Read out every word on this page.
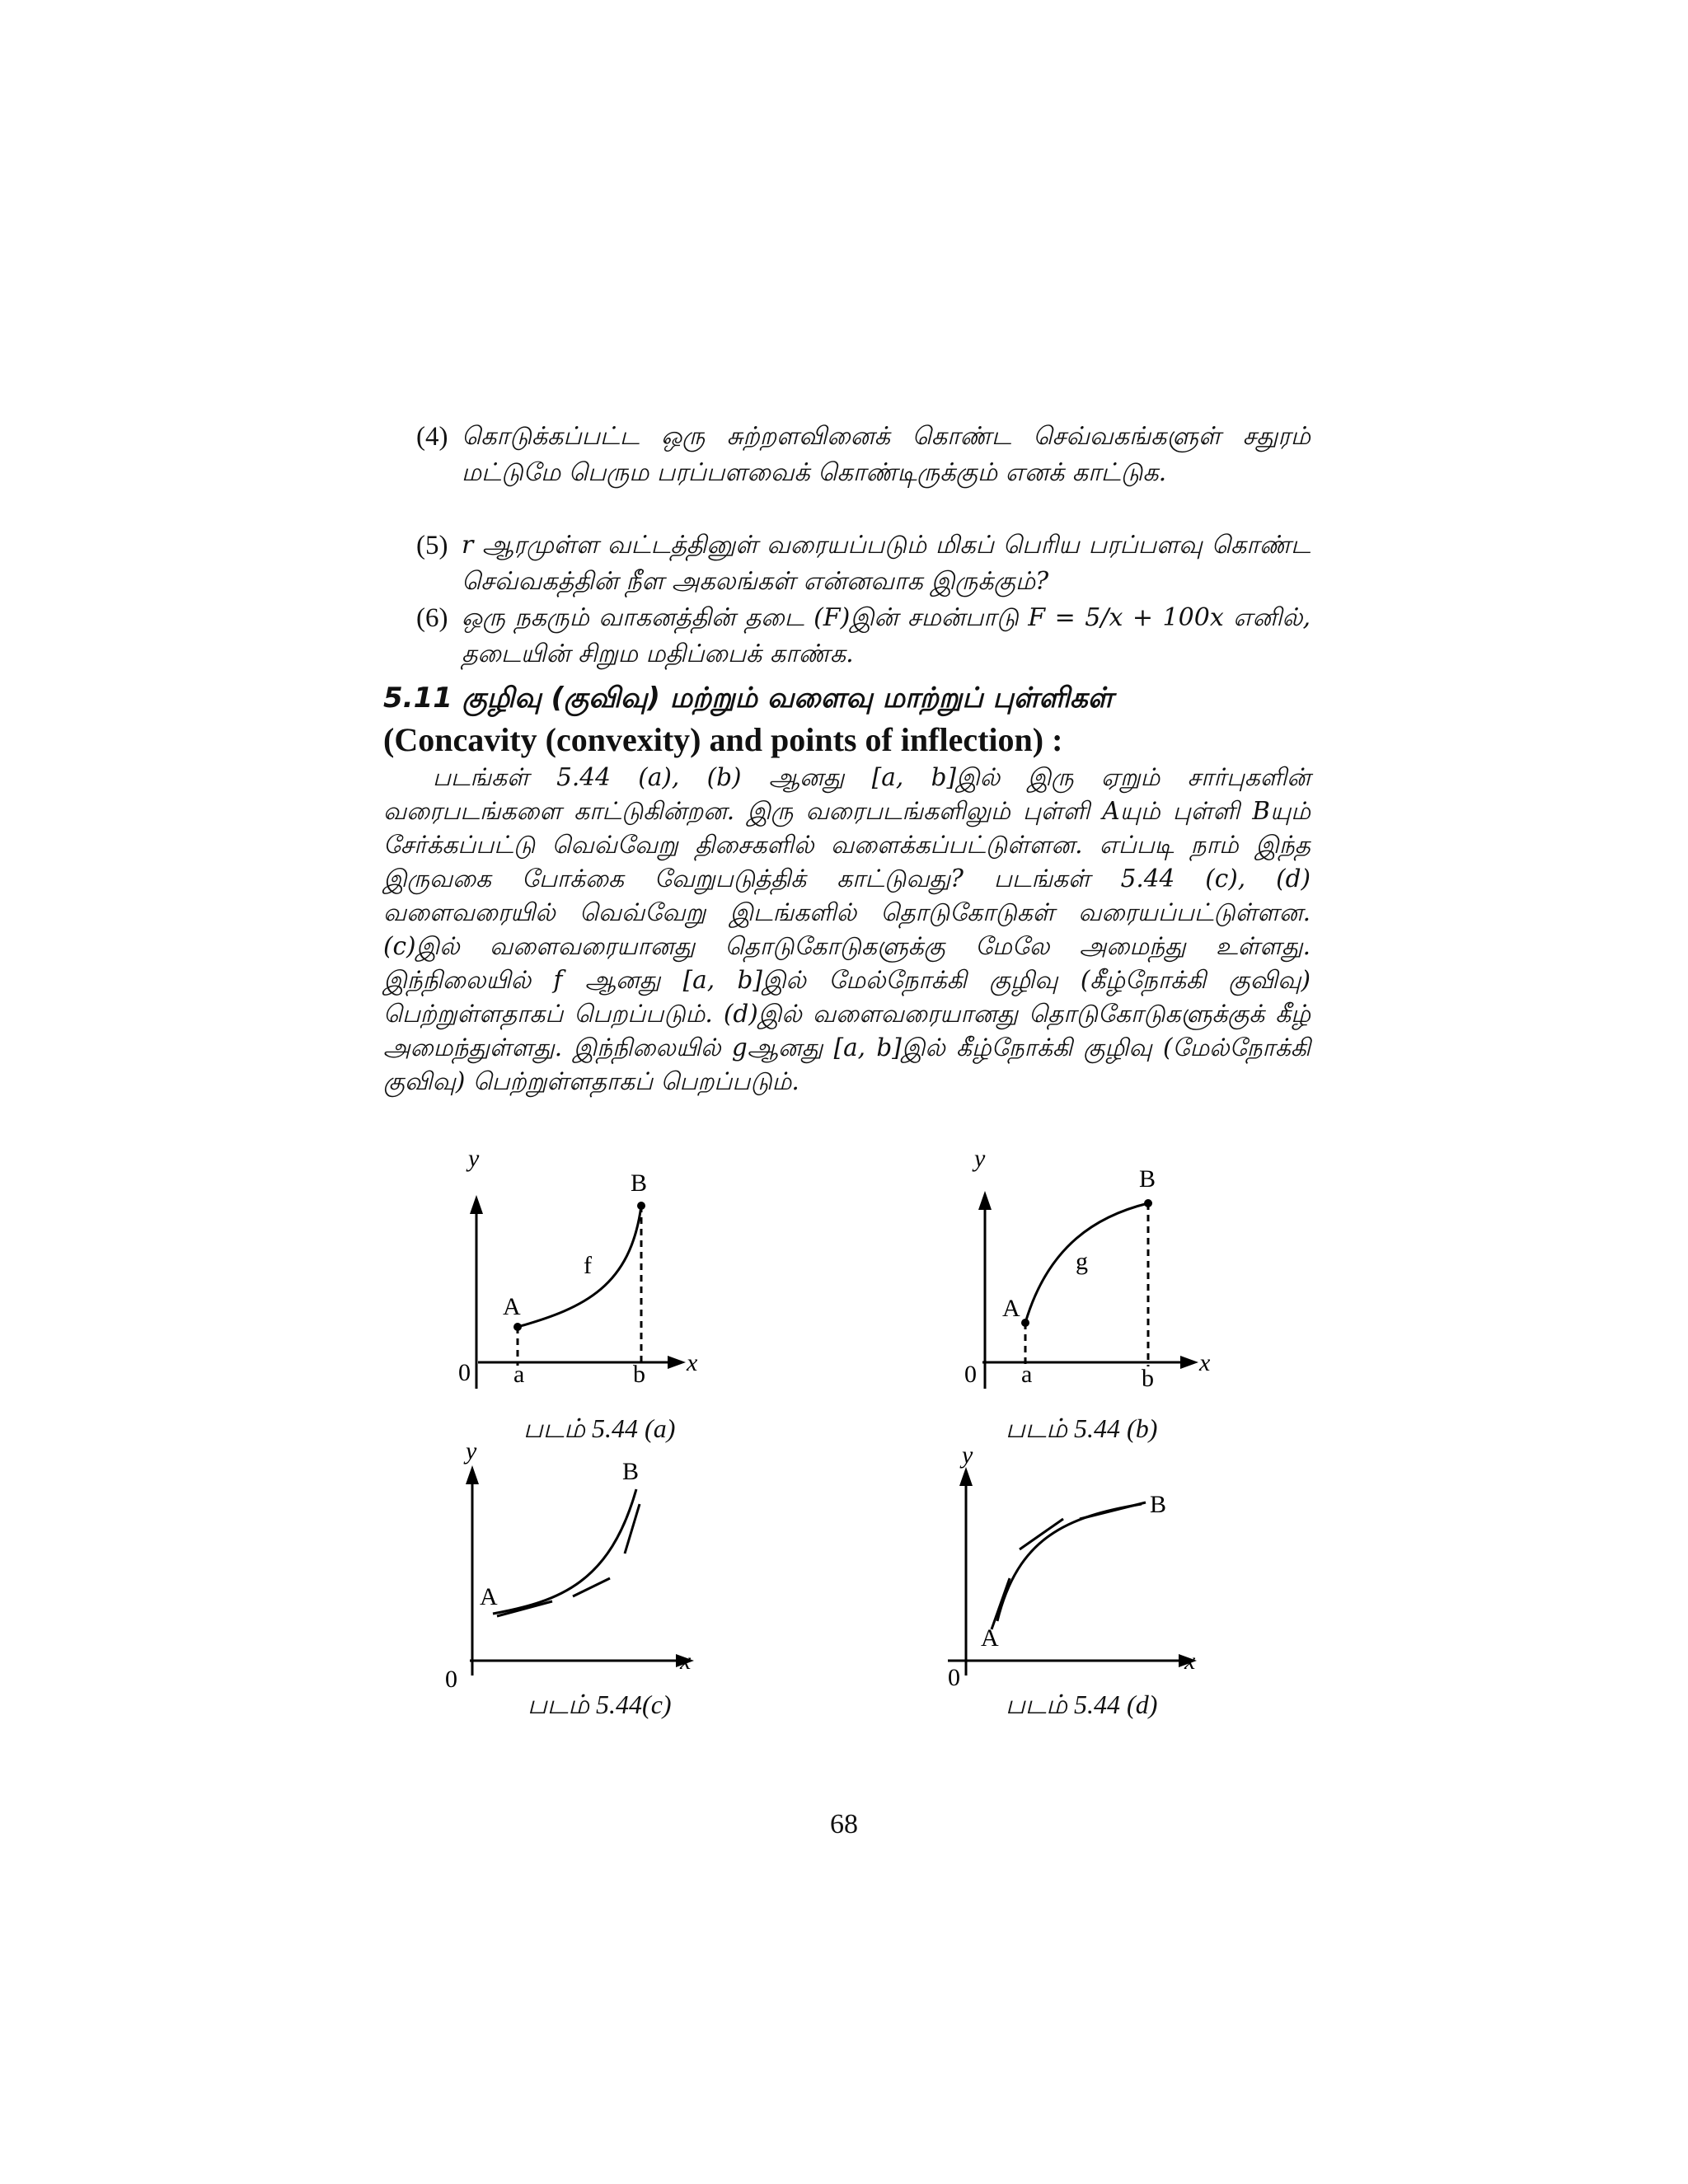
(4) கொடுக்கப்பட்ட ஒரு சுற்றளவினைக் கொண்ட செவ்வகங்களுள் சதுரம் மட்டுமே பெரும பரப்பளவைக் கொண்டிருக்கும் எனக் காட்டுக.
(5) r ஆரமுள்ள வட்டத்தினுள் வரையப்படும் மிகப் பெரிய பரப்பளவு கொண்ட செவ்வகத்தின் நீள அகலங்கள் என்னவாக இருக்கும்?
(6) ஒரு நகரும் வாகனத்தின் தடை (F)இன் சமன்பாடு F = 5/x + 100x எனில், தடையின் சிறும மதிப்பைக் காண்க.
5.11 குழிவு (குவிவு) மற்றும் வளைவு மாற்றுப் புள்ளிகள்
(Concavity (convexity) and points of inflection) :
படங்கள் 5.44 (a), (b) ஆனது [a, b]இல் இரு ஏறும் சார்புகளின் வரைபடங்களை காட்டுகின்றன. இரு வரைபடங்களிலும் புள்ளி Aயும் புள்ளி Bயும் சேர்க்கப்பட்டு வெவ்வேறு திசைகளில் வளைக்கப்பட்டுள்ளன. எப்படி நாம் இந்த இருவகை போக்கை வேறுபடுத்திக் காட்டுவது? படங்கள் 5.44 (c), (d) வளைவரையில் வெவ்வேறு இடங்களில் தொடுகோடுகள் வரையப்பட்டுள்ளன. (c)இல் வளைவரையானது தொடுகோடுகளுக்கு மேலே அமைந்து உள்ளது. இந்நிலையில் f ஆனது [a, b]இல் மேல்நோக்கி குழிவு (கீழ்நோக்கி குவிவு) பெற்றுள்ளதாகப் பெறப்படும். (d)இல் வளைவரையானது தொடுகோடுகளுக்குக் கீழ் அமைந்துள்ளது. இந்நிலையில் gஆனது [a, b]இல் கீழ்நோக்கி குழிவு (மேல்நோக்கி குவிவு) பெற்றுள்ளதாகப் பெறப்படும்.
y
x
0
A
B
f
a	b
படம் 5.44 (a)
y
x
0
A
B
g
a	b
படம் 5.44 (b)
y
x
0
A
B
படம் 5.44(c)
y
x
0
A
B
படம் 5.44 (d)
68
